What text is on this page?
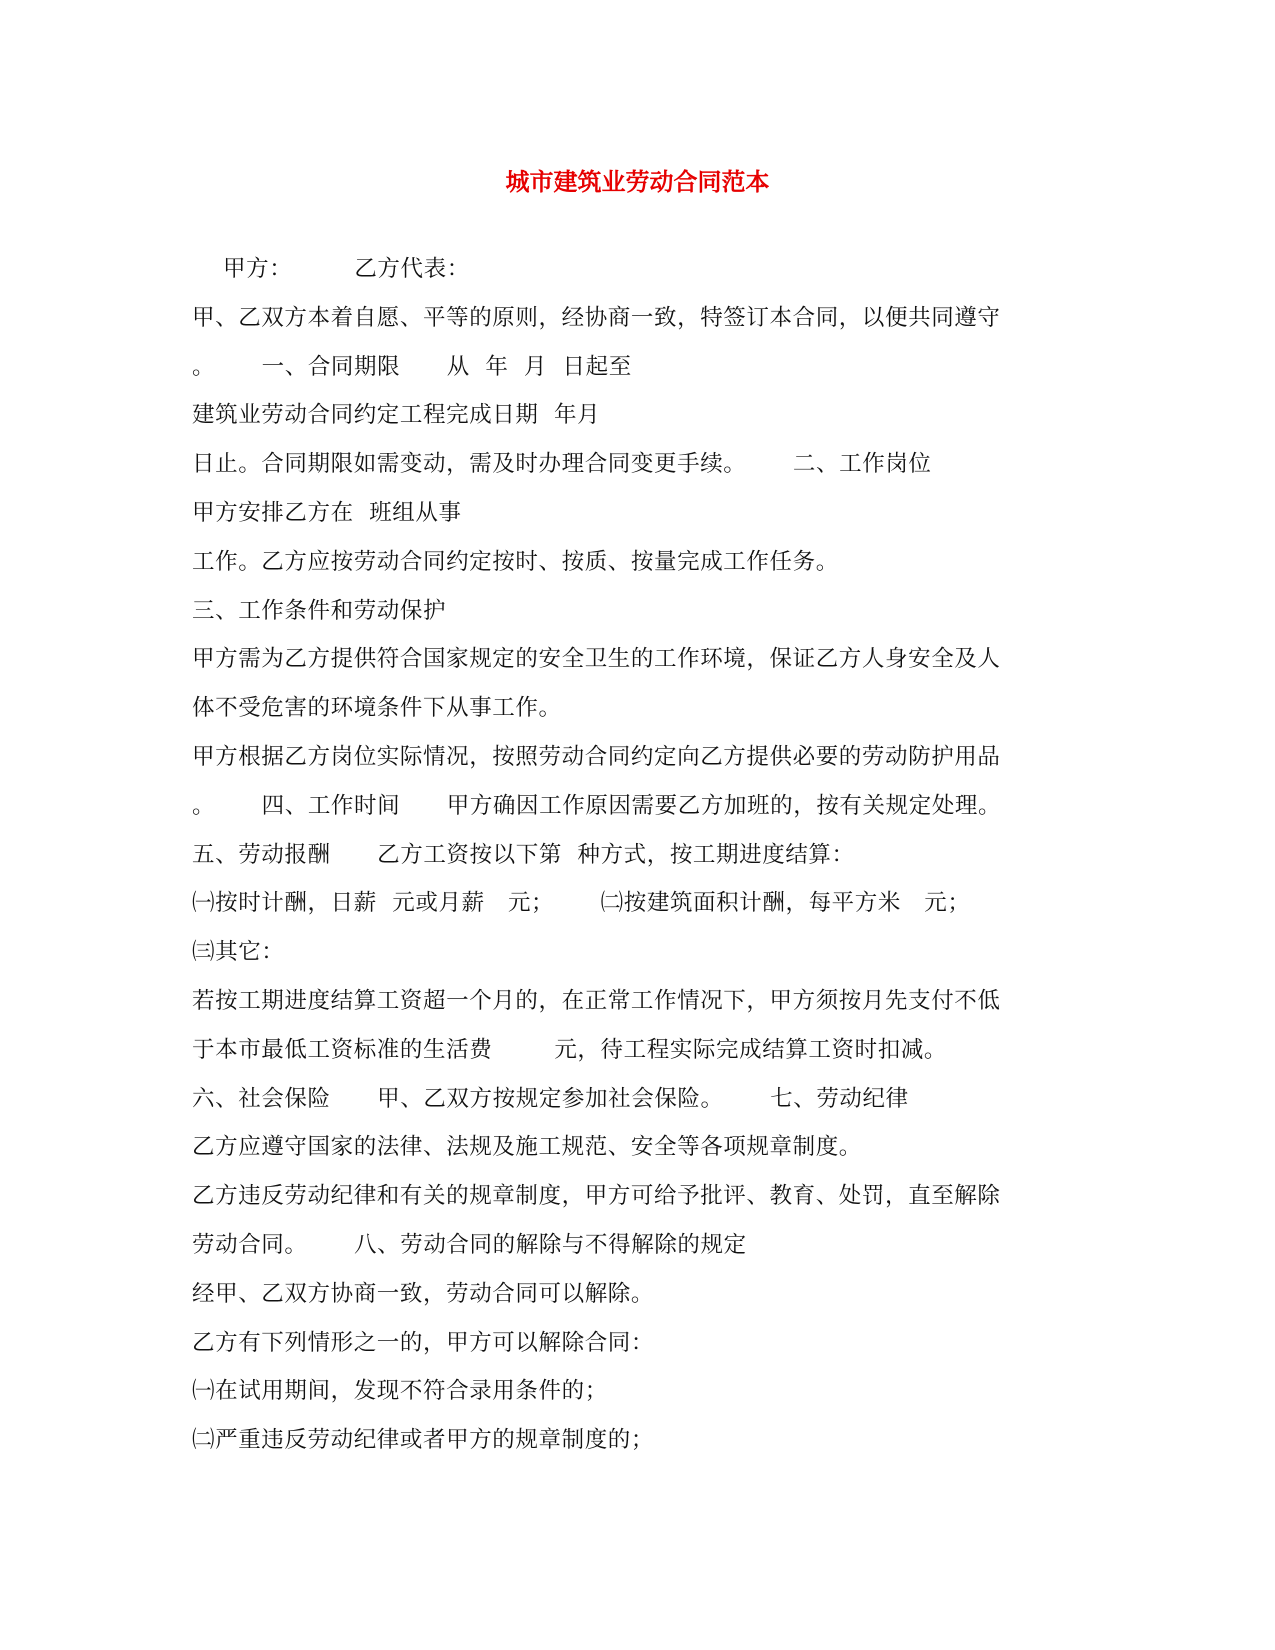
城市建筑业劳动合同范本
甲方：        乙方代表：
甲、乙双方本着自愿、平等的原则，经协商一致，特签订本合同，以便共同遵守
。      一、合同期限      从  年  月  日起至
建筑业劳动合同约定工程完成日期  年月
日止。合同期限如需变动，需及时办理合同变更手续。      二、工作岗位
甲方安排乙方在  班组从事
工作。乙方应按劳动合同约定按时、按质、按量完成工作任务。
三、工作条件和劳动保护
甲方需为乙方提供符合国家规定的安全卫生的工作环境，保证乙方人身安全及人
体不受危害的环境条件下从事工作。
甲方根据乙方岗位实际情况，按照劳动合同约定向乙方提供必要的劳动防护用品
。      四、工作时间      甲方确因工作原因需要乙方加班的，按有关规定处理。
五、劳动报酬      乙方工资按以下第  种方式，按工期进度结算：
㈠按时计酬，日薪  元或月薪   元；      ㈡按建筑面积计酬，每平方米   元；
㈢其它：
若按工期进度结算工资超一个月的，在正常工作情况下，甲方须按月先支付不低
于本市最低工资标准的生活费        元，待工程实际完成结算工资时扣减。
六、社会保险      甲、乙双方按规定参加社会保险。      七、劳动纪律
乙方应遵守国家的法律、法规及施工规范、安全等各项规章制度。
乙方违反劳动纪律和有关的规章制度，甲方可给予批评、教育、处罚，直至解除
劳动合同。      八、劳动合同的解除与不得解除的规定
经甲、乙双方协商一致，劳动合同可以解除。
乙方有下列情形之一的，甲方可以解除合同：
㈠在试用期间，发现不符合录用条件的；
㈡严重违反劳动纪律或者甲方的规章制度的；
